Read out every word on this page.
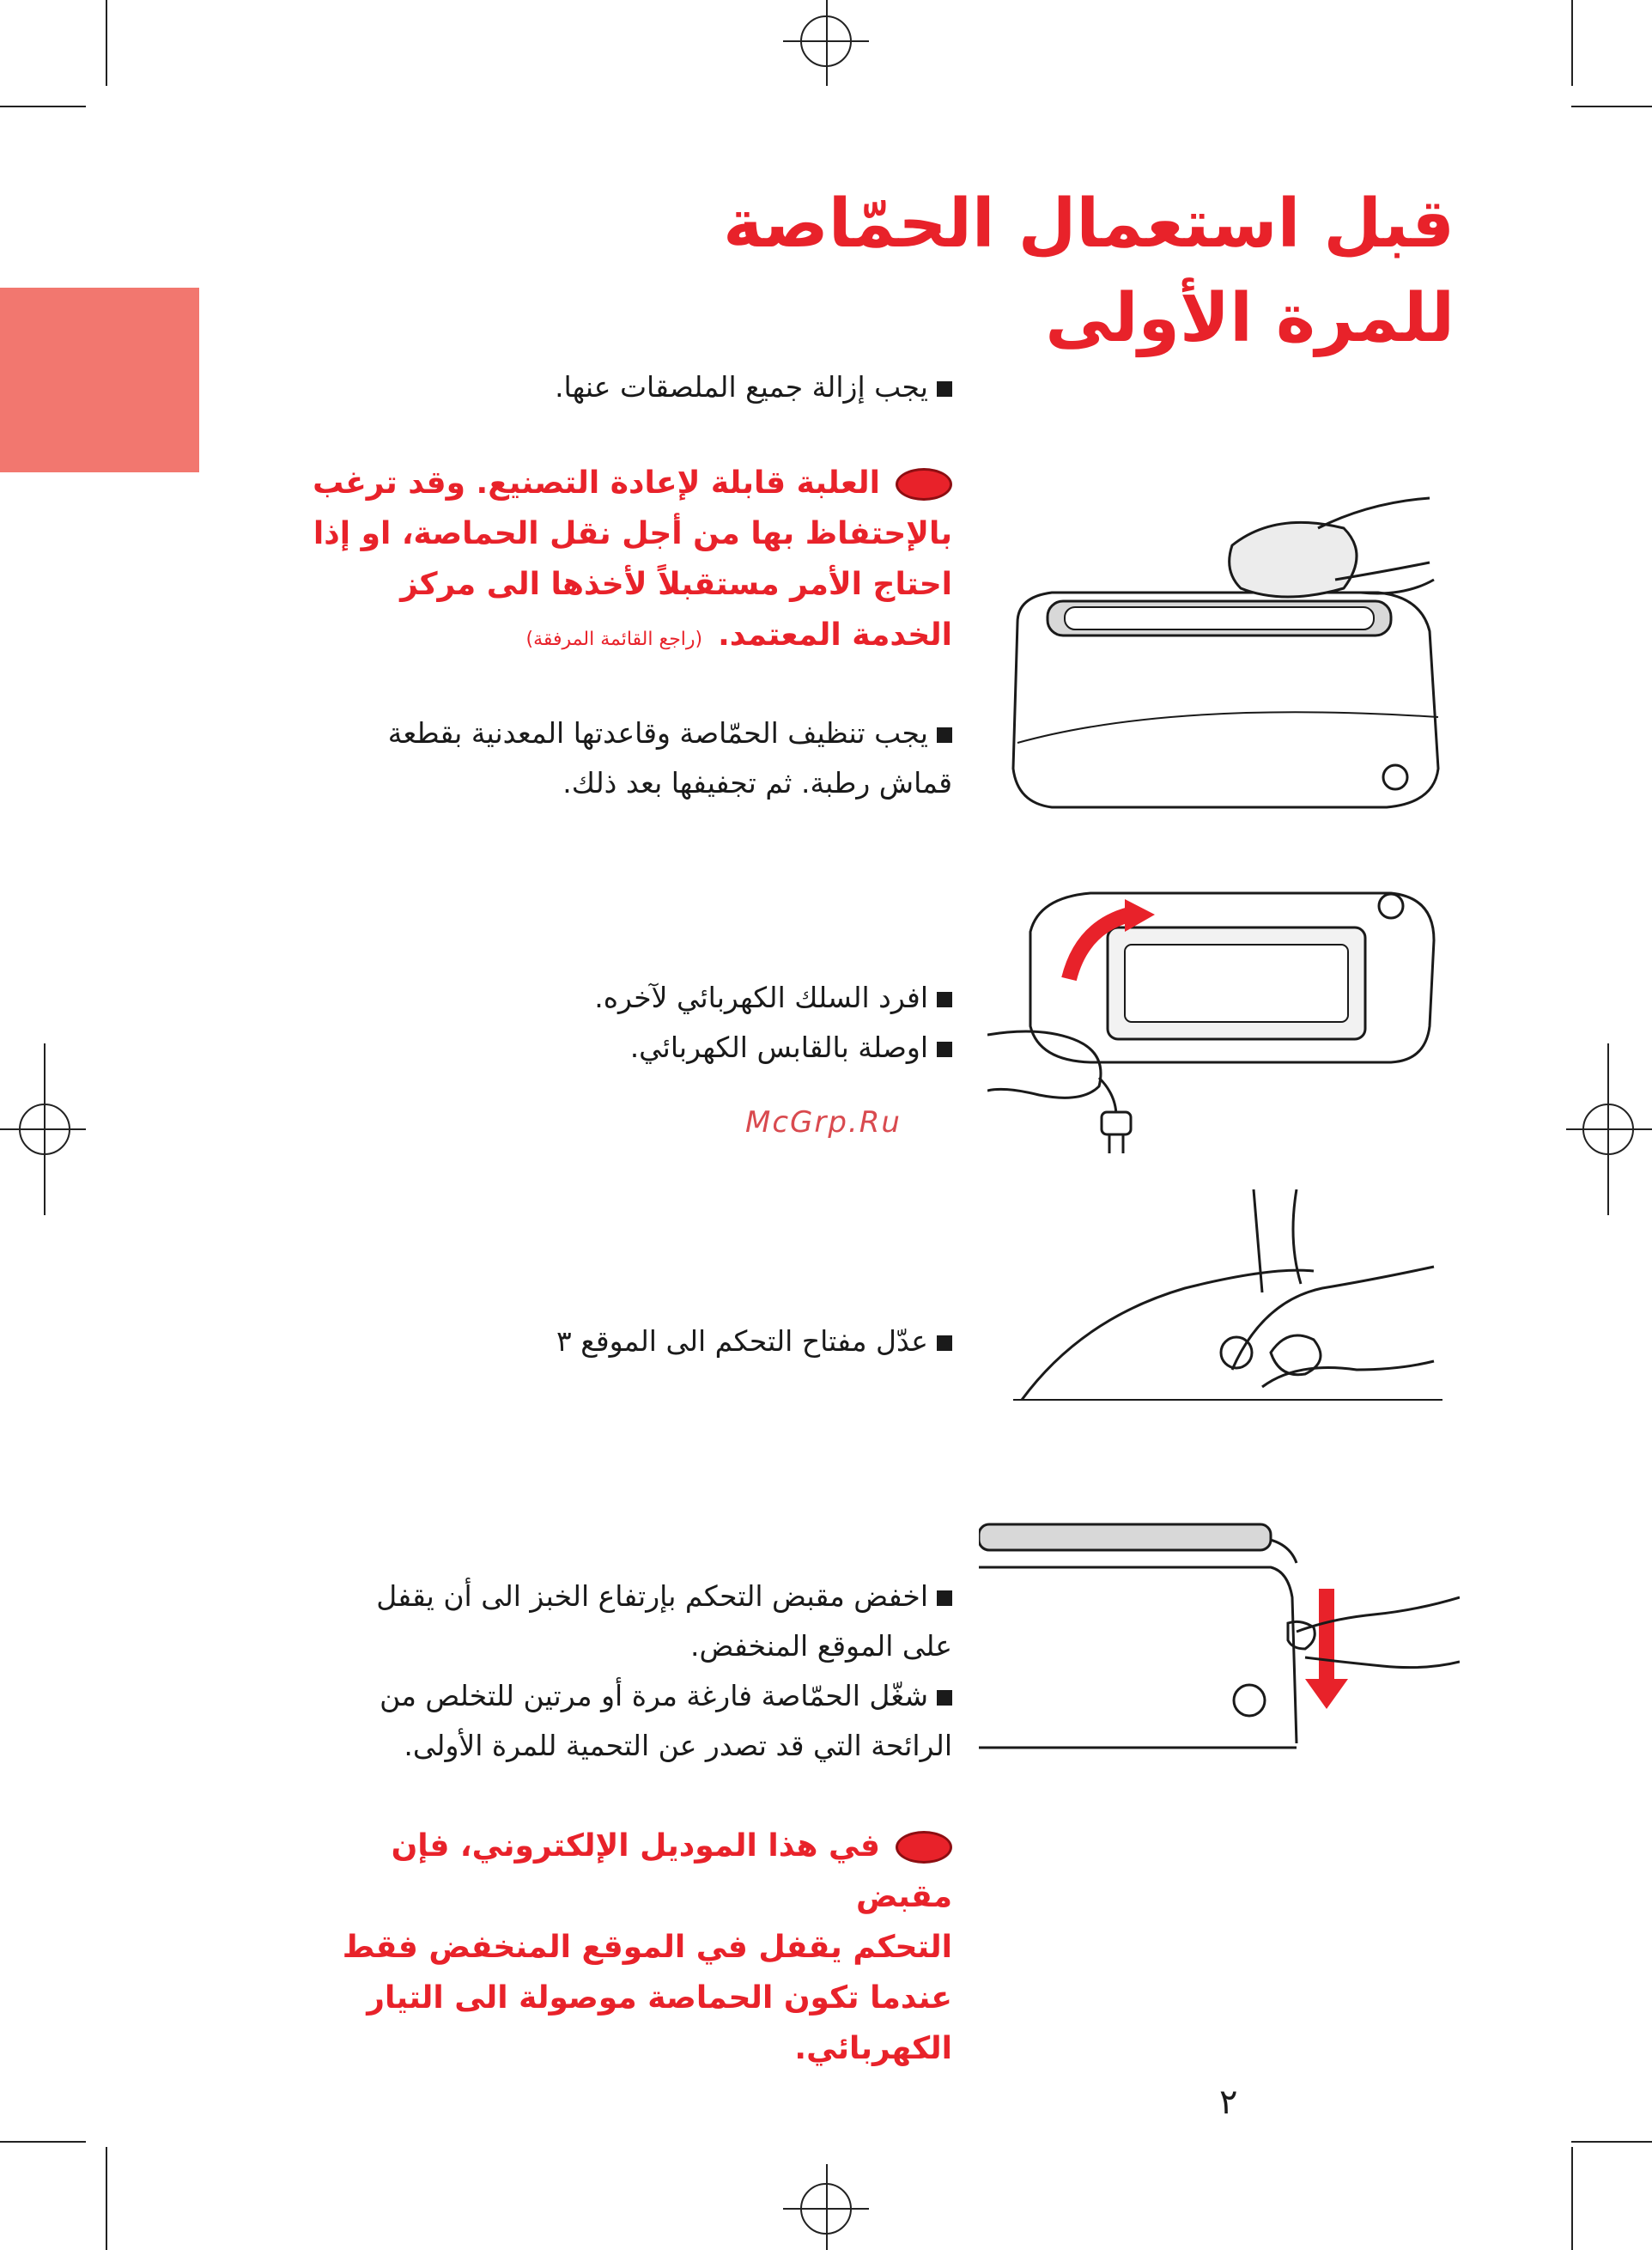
قبل استعمال الحمّاصة
للمرة الأولى
يجب إزالة جميع الملصقات عنها.
العلبة قابلة لإعادة التصنيع. وقد ترغب
بالإحتفاظ بها من أجل نقل الحماصة، او إذا
احتاج الأمر مستقبلاً لأخذها الى مركز
الخدمة المعتمد.(راجع القائمة المرفقة)
يجب تنظيف الحمّاصة وقاعدتها المعدنية بقطعة
قماش رطبة. ثم تجفيفها بعد ذلك.
افرد السلك الكهربائي لآخره.
اوصلة بالقابس الكهربائي.
McGrp.Ru
عدّل مفتاح التحكم الى الموقع ٣
اخفض مقبض التحكم بإرتفاع الخبز الى أن يقفل
على الموقع المنخفض.
شغّل الحمّاصة فارغة مرة أو مرتين للتخلص من
الرائحة التي قد تصدر عن التحمية للمرة الأولى.
في هذا الموديل الإلكتروني، فإن مقبض
التحكم يقفل في الموقع المنخفض فقط
عندما تكون الحماصة موصولة الى التيار
الكهربائي.
٢
